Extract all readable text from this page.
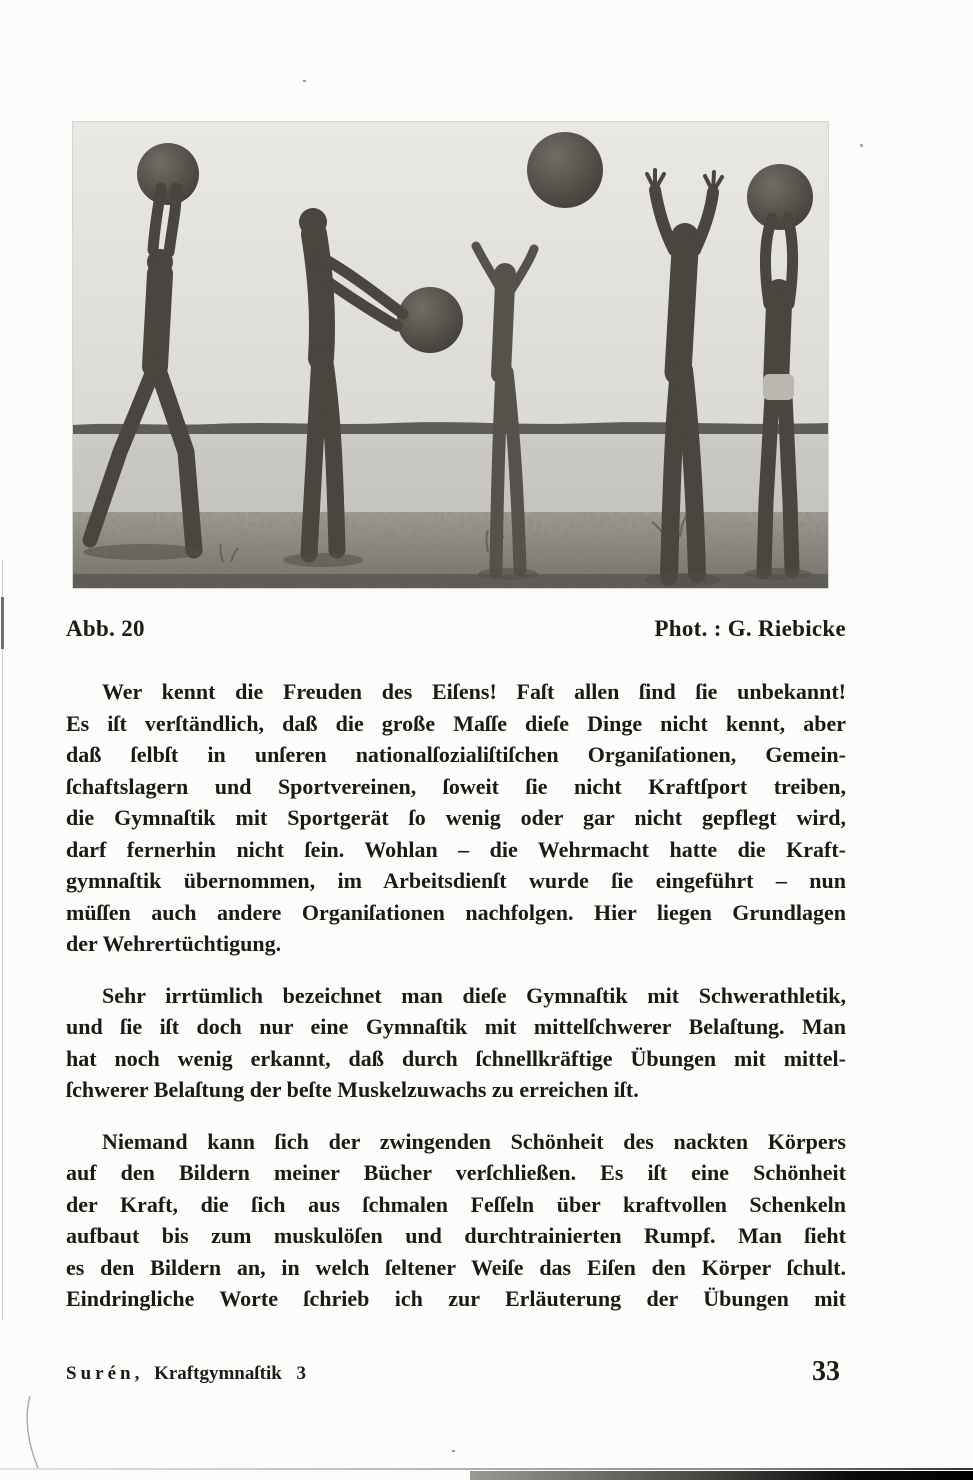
Abb. 20	Phot. : G. Riebicke
Wer kennt die Freuden des Eiſens! Faſt allen ſind ſie unbekannt!
Es iſt verſtändlich, daß die große Maſſe dieſe Dinge nicht kennt, aber
daß ſelbſt in unſeren nationalſozialiſtiſchen Organiſationen, Gemein-
ſchaftslagern und Sportvereinen, ſoweit ſie nicht Kraftſport treiben,
die Gymnaſtik mit Sportgerät ſo wenig oder gar nicht gepflegt wird,
darf fernerhin nicht ſein. Wohlan – die Wehrmacht hatte die Kraft-
gymnaſtik übernommen, im Arbeitsdienſt wurde ſie eingeführt – nun
müſſen auch andere Organiſationen nachfolgen. Hier liegen Grundlagen
der Wehrertüchtigung.
Sehr irrtümlich bezeichnet man dieſe Gymnaſtik mit Schwerathletik,
und ſie iſt doch nur eine Gymnaſtik mit mittelſchwerer Belaſtung. Man
hat noch wenig erkannt, daß durch ſchnellkräftige Übungen mit mittel-
ſchwerer Belaſtung der beſte Muskelzuwachs zu erreichen iſt.
Niemand kann ſich der zwingenden Schönheit des nackten Körpers
auf den Bildern meiner Bücher verſchließen. Es iſt eine Schönheit
der Kraft, die ſich aus ſchmalen Feſſeln über kraftvollen Schenkeln
aufbaut bis zum muskulöſen und durchtrainierten Rumpf. Man ſieht
es den Bildern an, in welch ſeltener Weiſe das Eiſen den Körper ſchult.
Eindringliche Worte ſchrieb ich zur Erläuterung der Übungen mit
Surén, Kraftgymnaſtik 3	33
